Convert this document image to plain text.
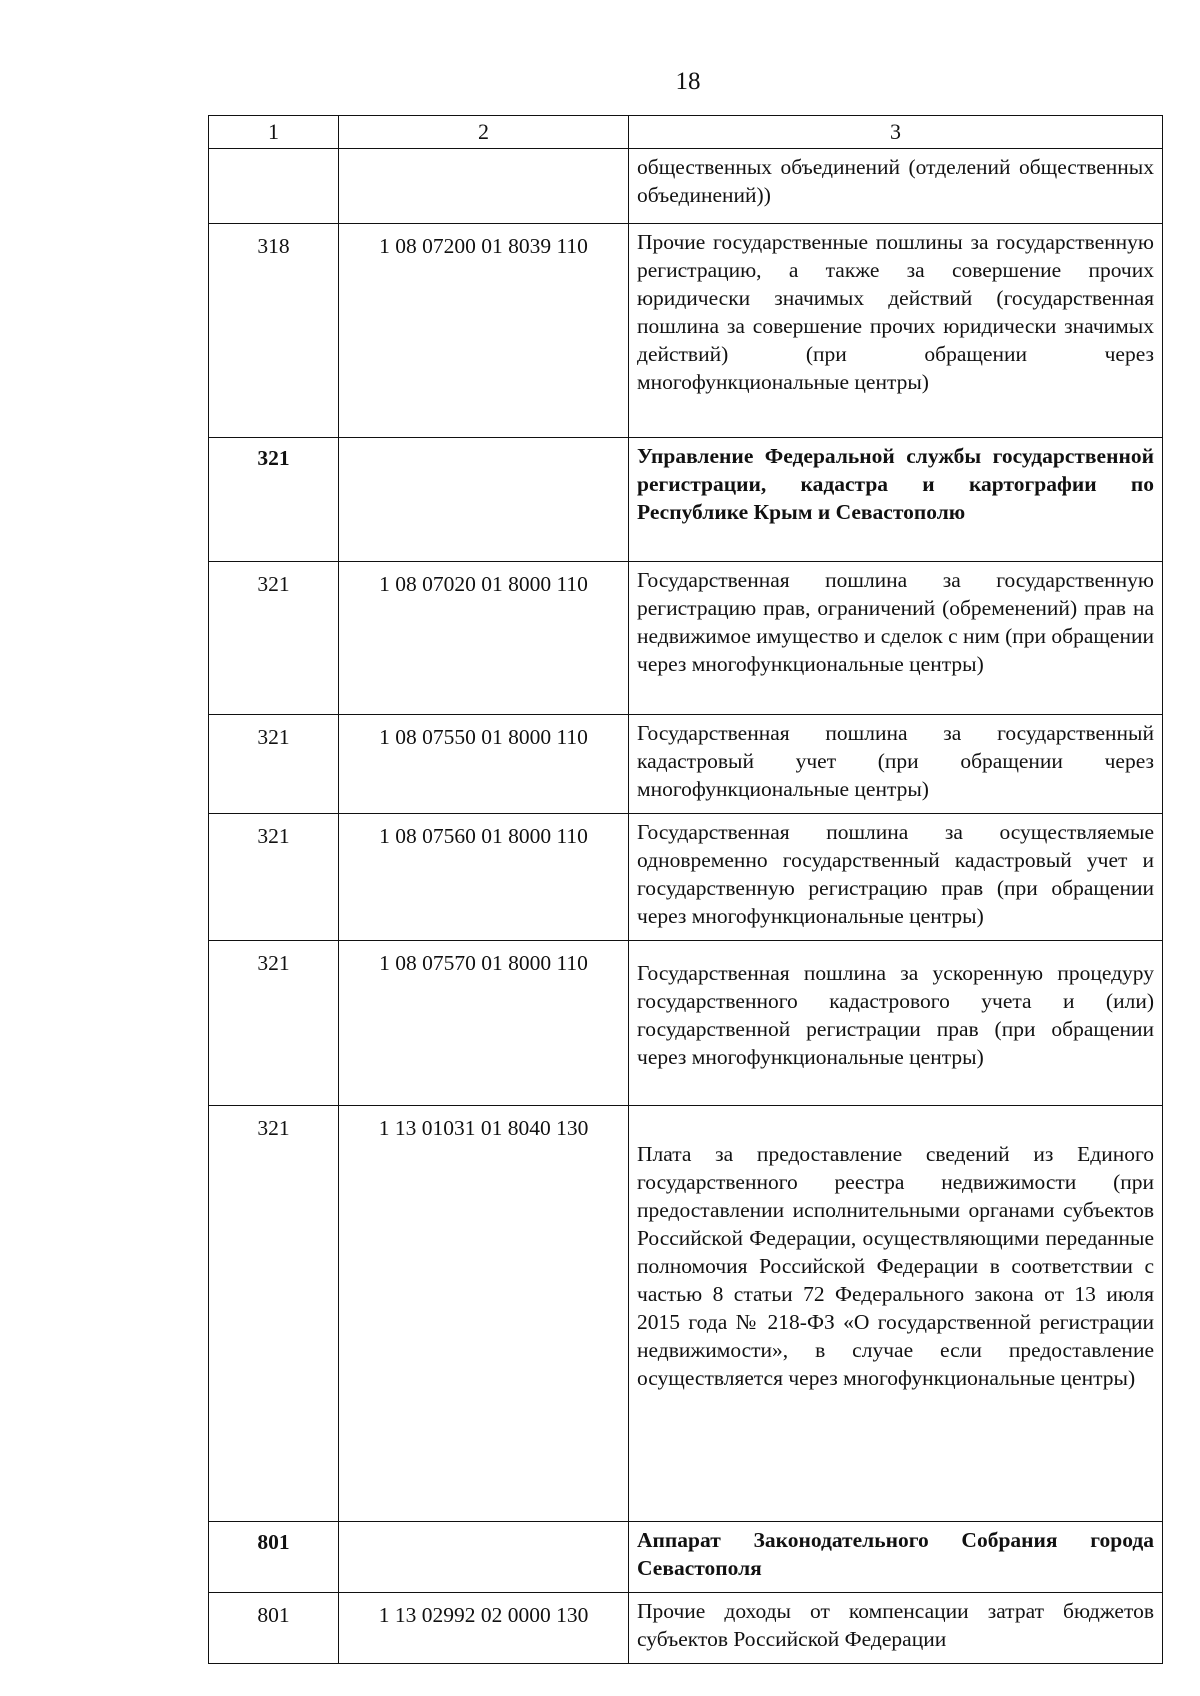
18
1	2	3
		общественных объединений (отделений общественных объединений))
318	1 08 07200 01 8039 110	Прочие государственные пошлины за государственную регистрацию, а также за совершение прочих юридически значимых действий (государственная пошлина за совершение прочих юридически значимых действий) (при обращении через многофункциональные центры)
321		Управление Федеральной службы государственной регистрации, кадастра и картографии по Республике Крым и Севастополю
321	1 08 07020 01 8000 110	Государственная пошлина за государственную регистрацию прав, ограничений (обременений) прав на недвижимое имущество и сделок с ним (при обращении через многофункциональные центры)
321	1 08 07550 01 8000 110	Государственная пошлина за государственный кадастровый учет (при обращении через многофункциональные центры)
321	1 08 07560 01 8000 110	Государственная пошлина за осуществляемые одновременно государственный кадастровый учет и государственную регистрацию прав (при обращении через многофункциональные центры)
321	1 08 07570 01 8000 110	Государственная пошлина за ускоренную процедуру государственного кадастрового учета и (или) государственной регистрации прав (при обращении через многофункциональные центры)
321	1 13 01031 01 8040 130	Плата за предоставление сведений из Единого государственного реестра недвижимости (при предоставлении исполнительными органами субъектов Российской Федерации, осуществляющими переданные полномочия Российской Федерации в соответствии с частью 8 статьи 72 Федерального закона от 13 июля 2015 года № 218-ФЗ «О государственной регистрации недвижимости», в случае если предоставление осуществляется через многофункциональные центры)
801		Аппарат Законодательного Собрания города Севастополя
801	1 13 02992 02 0000 130	Прочие доходы от компенсации затрат бюджетов субъектов Российской Федерации
